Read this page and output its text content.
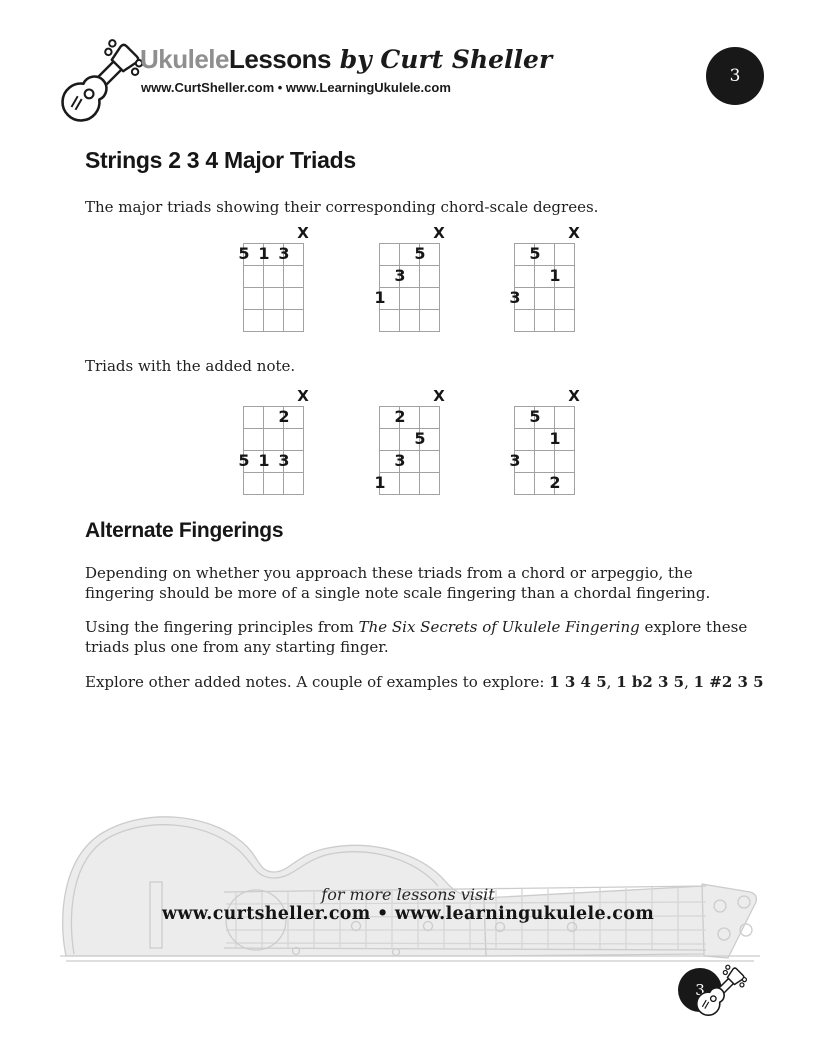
UkuleleLessons by Curt Sheller
www.CurtSheller.com • www.LearningUkulele.com
3
Strings 2 3 4 Major Triads
The major triads showing their corresponding chord-scale degrees.
X
5 1 3
X
5
3
1
X
5
1
3
Triads with the added note.
X
2
5 1 3
X
2
5
3
1
X
5
1
3
2
Alternate Fingerings
Depending on whether you approach these triads from a chord or arpeggio, the
fingering should be more of a single note scale fingering than a chordal fingering.
Using the fingering principles from The Six Secrets of Ukulele Fingering explore these
triads plus one from any starting finger.
Explore other added notes. A couple of examples to explore: 1 3 4 5, 1 b2 3 5, 1 #2 3 5
for more lessons visit
www.curtsheller.com • www.learningukulele.com
3
